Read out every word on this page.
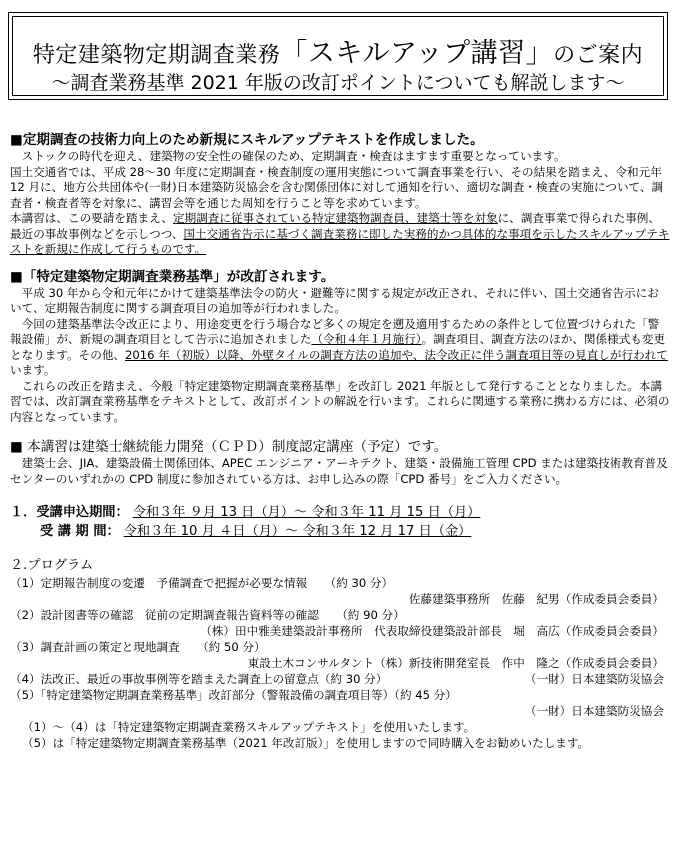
特定建築物定期調査業務「スキルアップ講習」のご案内
～調査業務基準 2021 年版の改訂ポイントについても解説します～
■定期調査の技術力向上のため新規にスキルアップテキストを作成しました。

ストックの時代を迎え、建築物の安全性の確保のため、定期調査・検査はますます重要となっています。

国土交通省では、平成 28～30 年度に定期調査・検査制度の運用実態について調査事業を行い、その結果を踏まえ、令和元年 12 月に、地方公共団体や(一財)日本建築防災協会を含む関係団体に対して通知を行い、適切な調査・検査の実施について、調査者・検査者等を対象に、講習会等を通じた周知を行うこと等を求めています。

本講習は、この要請を踏まえ、定期調査に従事されている特定建築物調査員、建築士等を対象に、調査事業で得られた事例、最近の事故事例などを示しつつ、国土交通省告示に基づく調査業務に即した実務的かつ具体的な事項を示したスキルアップテキストを新規に作成して行うものです。

■「特定建築物定期調査業務基準」が改訂されます。

平成 30 年から令和元年にかけて建築基準法令の防火・避難等に関する規定が改正され、それに伴い、国土交通省告示において、定期報告制度に関する調査項目の追加等が行われました。

今回の建築基準法令改正により、用途変更を行う場合など多くの規定を遡及適用するための条件として位置づけられた「警報設備」が、新規の調査項目として告示に追加されました（令和４年１月施行）。調査項目、調査方法のほか、関係様式も変更となります。その他、2016 年（初版）以降、外壁タイルの調査方法の追加や、法令改正に伴う調査項目等の見直しが行われています。

これらの改正を踏まえ、今般「特定建築物定期調査業務基準」を改訂し 2021 年版として発行することとなりました。本講習では、改訂調査業務基準をテキストとして、改訂ポイントの解説を行います。これらに関連する業務に携わる方には、必須の内容となっています。

■ 本講習は建築士継続能力開発（ＣＰＤ）制度認定講座（予定）です。

建築士会、JIA、建築設備士関係団体、APEC エンジニア・アーキテクト、建築・設備施工管理 CPD または建築技術教育普及センターのいずれかの CPD 制度に参加されている方は、お申し込みの際「CPD 番号」をご入力ください。

１．受講申込期間： 令和３年 ９月 13 日（月）～ 令和３年 11 月 15 日（月）
受 講 期 間： 令和３年 10 月 ４日（月）～ 令和３年 12 月 17 日（金）
２.プログラム
（1）定期報告制度の変遷　予備調査で把握が必要な情報　　（約 30 分）
佐藤建築事務所　佐藤　紀男（作成委員会委員）
（2）設計図書等の確認　従前の定期調査報告資料等の確認　　（約 90 分）
（株）田中雅美建築設計事務所　代表取締役建築設計部長　堀　高広（作成委員会委員）
（3）調査計画の策定と現地調査　　（約 50 分）
東設土木コンサルタント（株）新技術開発室長　作中　隆之（作成委員会委員）
（4）法改正、最近の事故事例等を踏まえた調査上の留意点（約 30 分）	（一財）日本建築防災協会
（5）「特定建築物定期調査業務基準」改訂部分（警報設備の調査項目等）（約 45 分）
（一財）日本建築防災協会
（1）～（4）は「特定建築物定期調査業務スキルアップテキスト」を使用いたします。
（5）は「特定建築物定期調査業務基準（2021 年改訂版）」を使用しますので同時購入をお勧めいたします。
